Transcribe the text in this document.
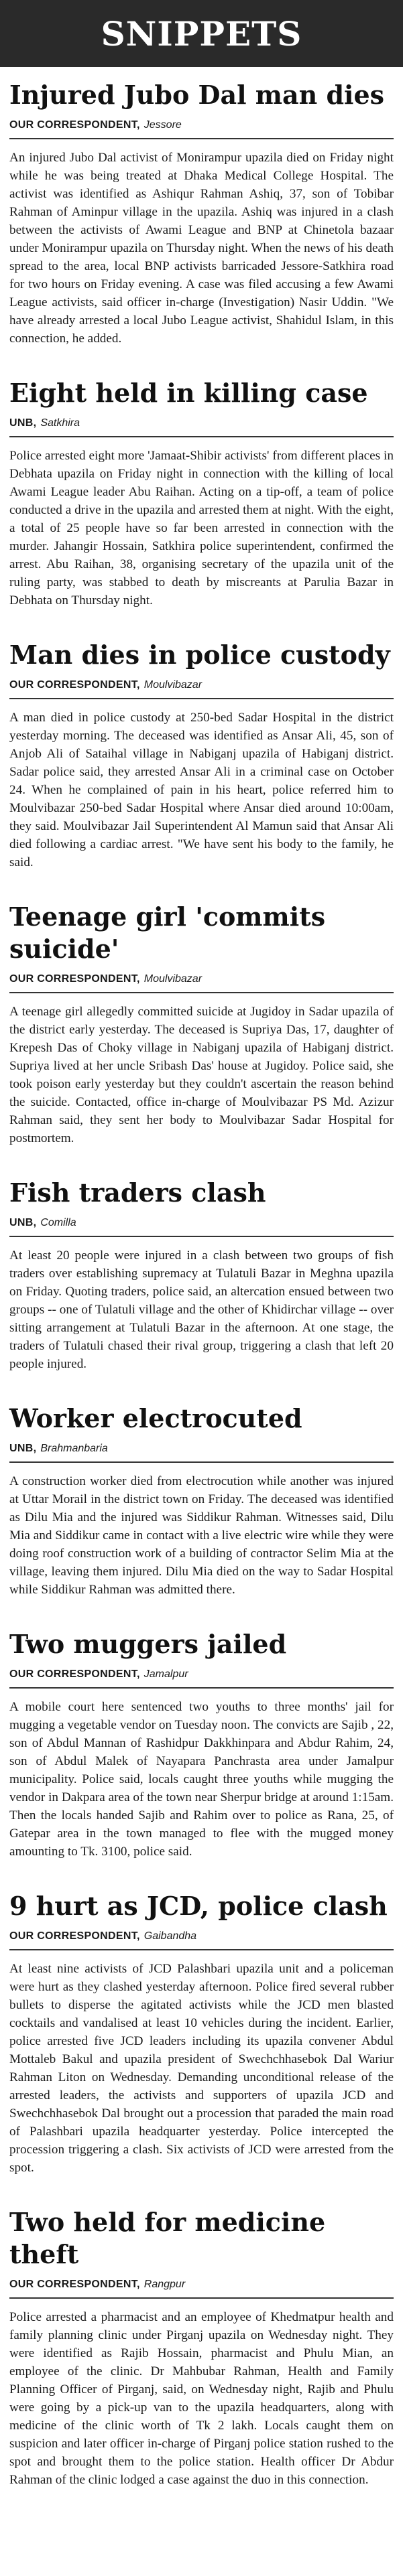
SNIPPETS
Injured Jubo Dal man dies
OUR CORRESPONDENT, Jessore

An injured Jubo Dal activist of Monirampur upazila died on Friday night while he was being treated at Dhaka Medical College Hospital. The activist was identified as Ashiqur Rahman Ashiq, 37, son of Tobibar Rahman of Aminpur village in the upazila. Ashiq was injured in a clash between the activists of Awami League and BNP at Chinetola bazaar under Monirampur upazila on Thursday night. When the news of his death spread to the area, local BNP activists barricaded Jessore-Satkhira road for two hours on Friday evening. A case was filed accusing a few Awami League activists, said officer in-charge (Investigation) Nasir Uddin. "We have already arrested a local Jubo League activist, Shahidul Islam, in this connection, he added.

Eight held in killing case
UNB, Satkhira

Police arrested eight more 'Jamaat-Shibir activists' from different places in Debhata upazila on Friday night in connection with the killing of local Awami League leader Abu Raihan. Acting on a tip-off, a team of police conducted a drive in the upazila and arrested them at night. With the eight, a total of 25 people have so far been arrested in connection with the murder. Jahangir Hossain, Satkhira police superintendent, confirmed the arrest. Abu Raihan, 38, organising secretary of the upazila unit of the ruling party, was stabbed to death by miscreants at Parulia Bazar in Debhata on Thursday night.

Man dies in police custody
OUR CORRESPONDENT, Moulvibazar

A man died in police custody at 250-bed Sadar Hospital in the district yesterday morning. The deceased was identified as Ansar Ali, 45, son of Anjob Ali of Sataihal village in Nabiganj upazila of Habiganj district. Sadar police said, they arrested Ansar Ali in a criminal case on October 24. When he complained of pain in his heart, police referred him to Moulvibazar 250-bed Sadar Hospital where Ansar died around 10:00am, they said. Moulvibazar Jail Superintendent Al Mamun said that Ansar Ali died following a cardiac arrest. "We have sent his body to the family, he said.

Teenage girl 'commits suicide'
OUR CORRESPONDENT, Moulvibazar

A teenage girl allegedly committed suicide at Jugidoy in Sadar upazila of the district early yesterday. The deceased is Supriya Das, 17, daughter of Krepesh Das of Choky village in Nabiganj upazila of Habiganj district. Supriya lived at her uncle Sribash Das' house at Jugidoy. Police said, she took poison early yesterday but they couldn't ascertain the reason behind the suicide. Contacted, office in-charge of Moulvibazar PS Md. Azizur Rahman said, they sent her body to Moulvibazar Sadar Hospital for postmortem.

Fish traders clash
UNB, Comilla

At least 20 people were injured in a clash between two groups of fish traders over establishing supremacy at Tulatuli Bazar in Meghna upazila on Friday. Quoting traders, police said, an altercation ensued between two groups -- one of Tulatuli village and the other of Khidirchar village -- over sitting arrangement at Tulatuli Bazar in the afternoon. At one stage, the traders of Tulatuli chased their rival group, triggering a clash that left 20 people injured.

Worker electrocuted
UNB, Brahmanbaria

A construction worker died from electrocution while another was injured at Uttar Morail in the district town on Friday. The deceased was identified as Dilu Mia and the injured was Siddikur Rahman. Witnesses said, Dilu Mia and Siddikur came in contact with a live electric wire while they were doing roof construction work of a building of contractor Selim Mia at the village, leaving them injured. Dilu Mia died on the way to Sadar Hospital while Siddikur Rahman was admitted there.

Two muggers jailed
OUR CORRESPONDENT, Jamalpur

A mobile court here sentenced two youths to three months' jail for mugging a vegetable vendor on Tuesday noon. The convicts are Sajib , 22, son of Abdul Mannan of Rashidpur Dakkhinpara and Abdur Rahim, 24, son of Abdul Malek of Nayapara Panchrasta area under Jamalpur municipality. Police said, locals caught three youths while mugging the vendor in Dakpara area of the town near Sherpur bridge at around 1:15am. Then the locals handed Sajib and Rahim over to police as Rana, 25, of Gatepar area in the town managed to flee with the mugged money amounting to Tk. 3100, police said.

9 hurt as JCD, police clash
OUR CORRESPONDENT, Gaibandha

At least nine activists of JCD Palashbari upazila unit and a policeman were hurt as they clashed yesterday afternoon. Police fired several rubber bullets to disperse the agitated activists while the JCD men blasted cocktails and vandalised at least 10 vehicles during the incident. Earlier, police arrested five JCD leaders including its upazila convener Abdul Mottaleb Bakul and upazila president of Swechchhasebok Dal Wariur Rahman Liton on Wednesday. Demanding unconditional release of the arrested leaders, the activists and supporters of upazila JCD and Swechchhasebok Dal brought out a procession that paraded the main road of Palashbari upazila headquarter yesterday. Police intercepted the procession triggering a clash. Six activists of JCD were arrested from the spot.

Two held for medicine theft
OUR CORRESPONDENT, Rangpur

Police arrested a pharmacist and an employee of Khedmatpur health and family planning clinic under Pirganj upazila on Wednesday night. They were identified as Rajib Hossain, pharmacist and Phulu Mian, an employee of the clinic. Dr Mahbubar Rahman, Health and Family Planning Officer of Pirganj, said, on Wednesday night, Rajib and Phulu were going by a pick-up van to the upazila headquarters, along with medicine of the clinic worth of Tk 2 lakh. Locals caught them on suspicion and later officer in-charge of Pirganj police station rushed to the spot and brought them to the police station. Health officer Dr Abdur Rahman of the clinic lodged a case against the duo in this connection.
